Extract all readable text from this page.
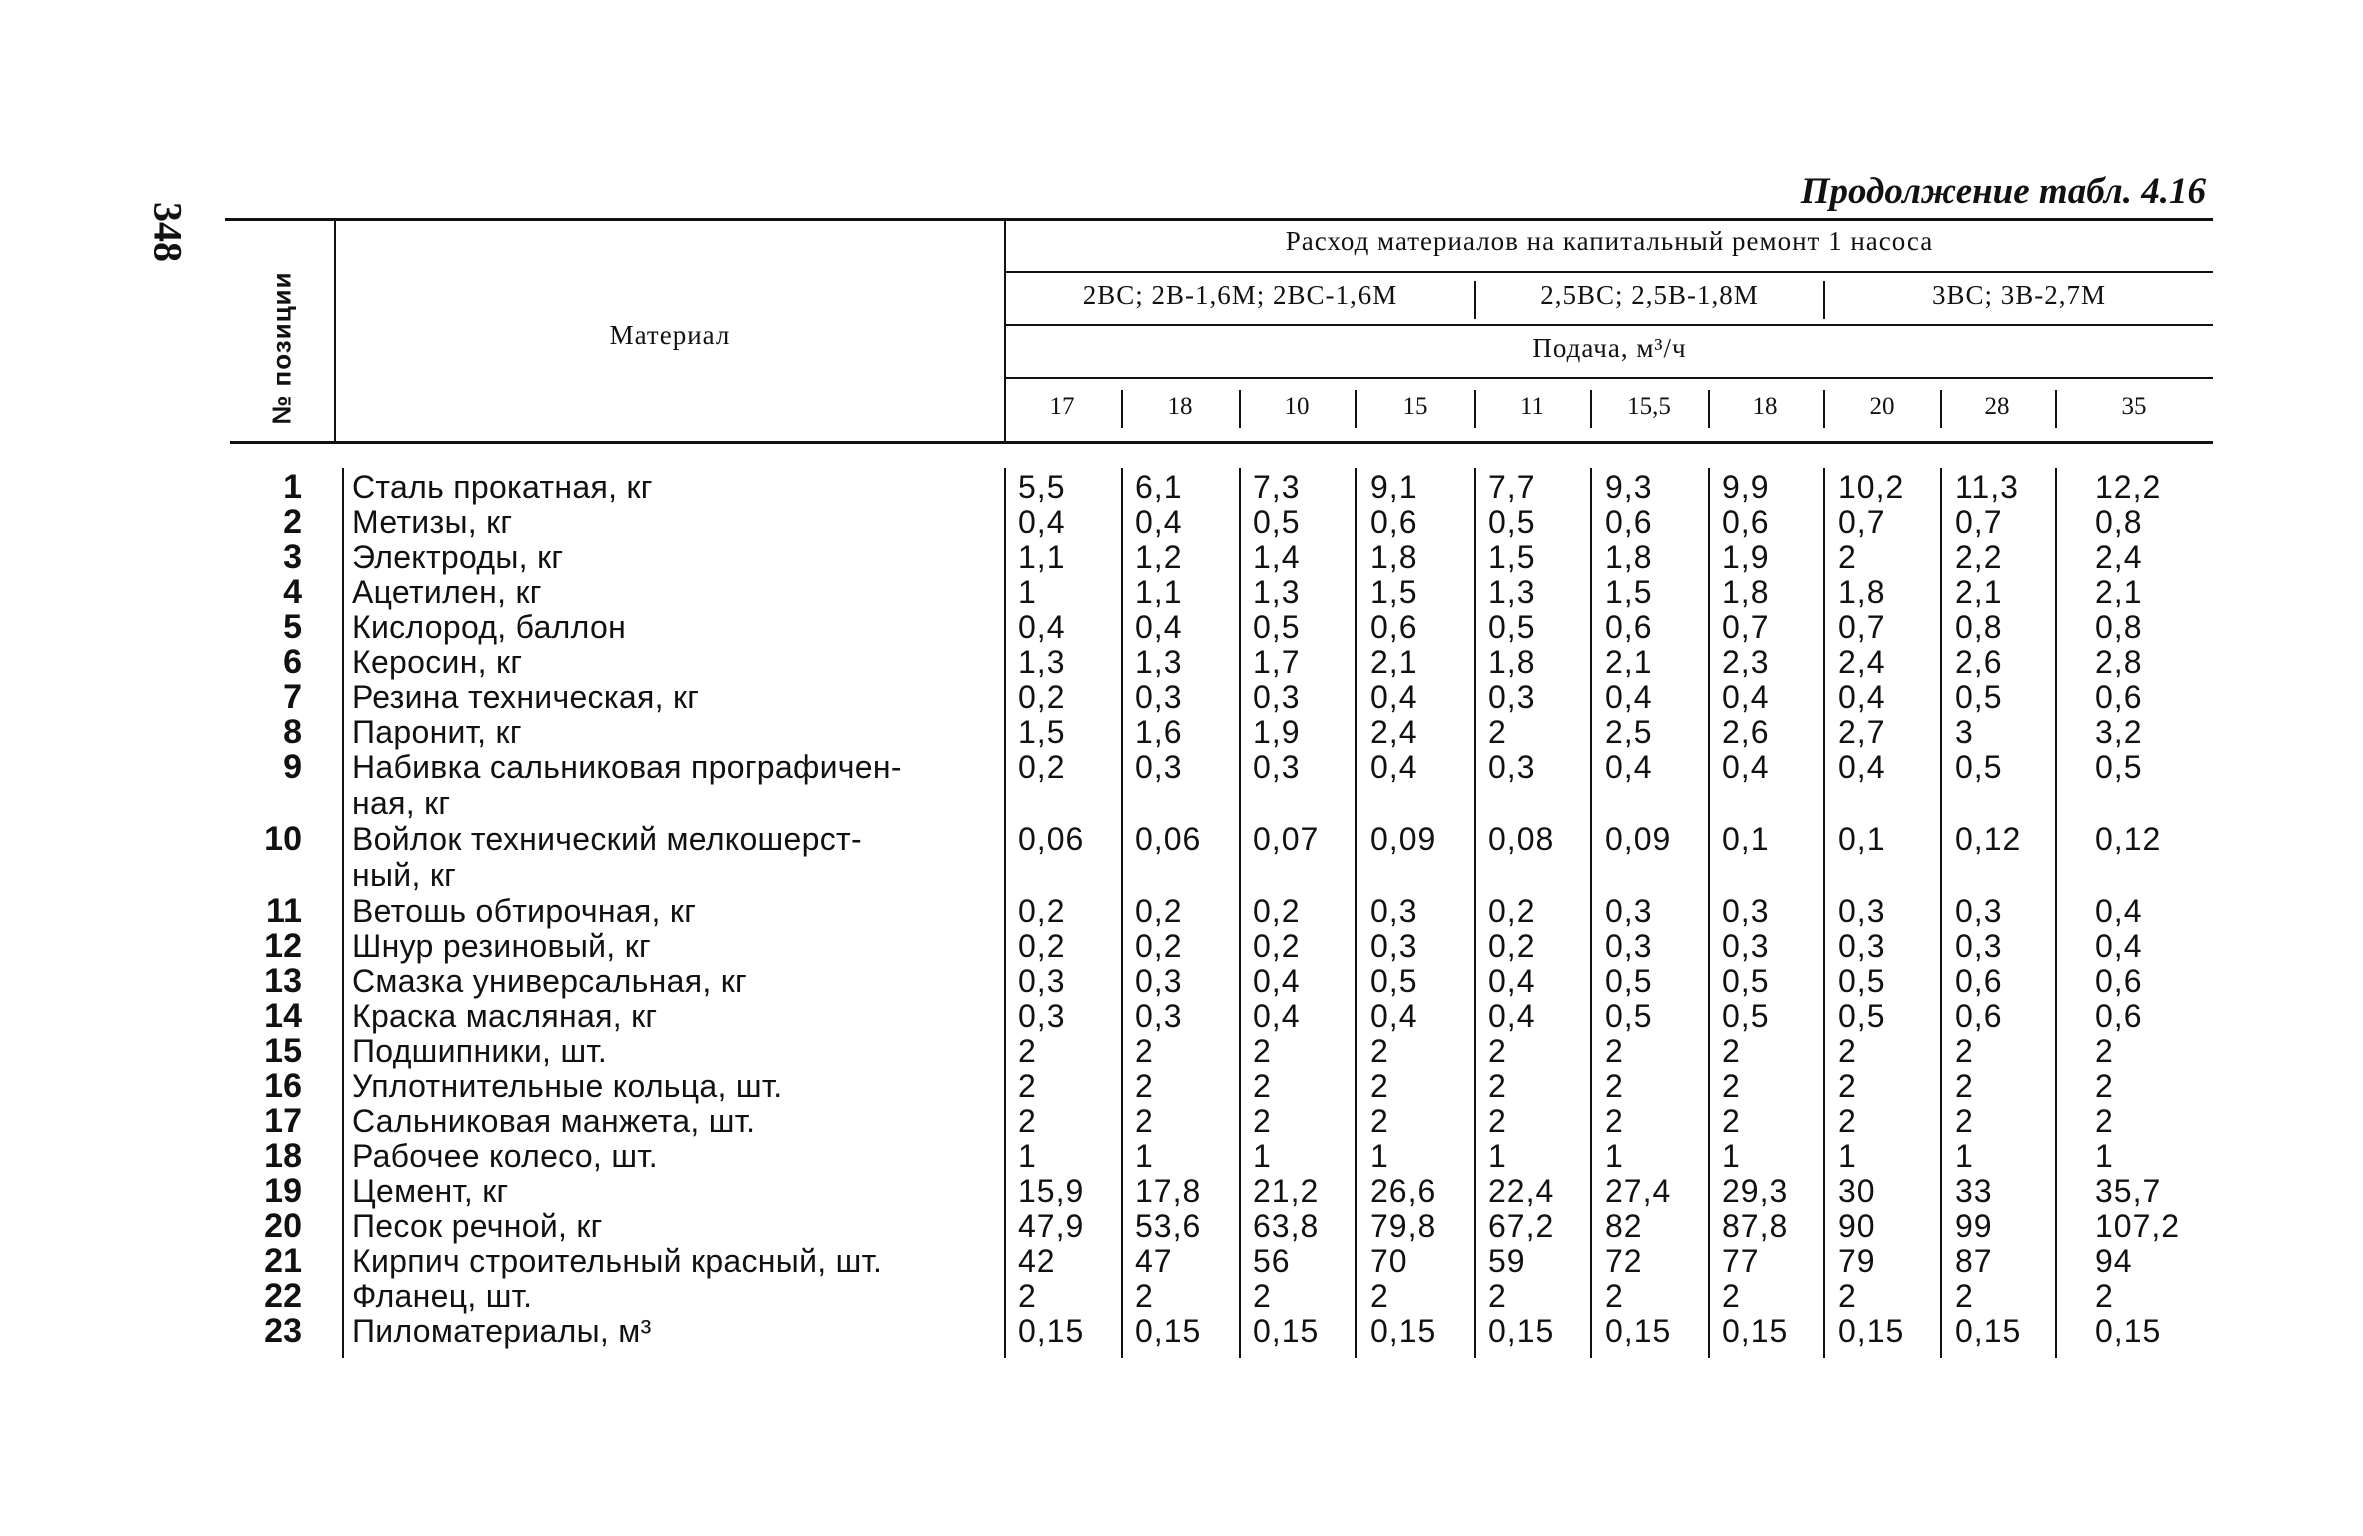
348
Продолжение табл. 4.16
№ позиции	Материал
Расход материалов на капитальный ремонт 1 насоса
2ВС; 2В-1,6М; 2ВС-1,6М	2,5ВС; 2,5В-1,8М	3ВС; 3В-2,7М
Подача, м³/ч
17	18	10	15	11	15,5	18	20	28	35
1 Сталь прокатная, кг	5,5 6,1 7,3 9,1 7,7 9,3 9,9 10,2 11,3 12,2
2 Метизы, кг	0,4 0,4 0,5 0,6 0,5 0,6 0,6 0,7 0,7	0,8
3 Электроды, кг	1,1 1,2 1,4 1,8 1,5 1,8 1,9 2	2,2	2,4
4 Ацетилен, кг	1	1,1 1,3 1,5 1,3 1,5 1,8 1,8 2,1	2,1
5 Кислород, баллон	0,4 0,4 0,5 0,6 0,5 0,6 0,7 0,7 0,8	0,8
6 Керосин, кг	1,3 1,3 1,7 2,1 1,8 2,1 2,3 2,4 2,6	2,8
7 Резина техническая, кг	0,2 0,3 0,3 0,4 0,3 0,4 0,4 0,4 0,5	0,6
8 Паронит, кг	1,5 1,6 1,9 2,4 2	2,5 2,6 2,7 3	3,2
9 Набивка сальниковая пpографичен-
ная, кг
0,2 0,3 0,3 0,4 0,3 0,4 0,4 0,4 0,5	0,5
10 Войлок технический мелкошерст-
ный, кг
0,06 0,06 0,07 0,09 0,08 0,09 0,1 0,1 0,12 0,12
11 Ветошь обтирочная, кг	0,2 0,2 0,2 0,3 0,2 0,3 0,3 0,3 0,3	0,4
12 Шнур резиновый, кг	0,2 0,2 0,2 0,3 0,2 0,3 0,3 0,3 0,3	0,4
13 Смазка универсальная, кг	0,3 0,3 0,4 0,5 0,4 0,5 0,5 0,5 0,6	0,6
14 Краска масляная, кг	0,3 0,3 0,4 0,4 0,4 0,5 0,5 0,5 0,6	0,6
15 Подшипники, шт.	2	2	2	2	2	2	2	2	2	2
16 Уплотнительные кольца, шт.	2	2	2	2	2	2	2	2	2	2
17 Сальниковая манжета, шт.	2	2	2	2	2	2	2	2	2	2
18 Рабочее колесо, шт.	1	1	1	1	1	1	1	1	1	1
19 Цемент, кг	15,9 17,8 21,2 26,6 22,4 27,4 29,3 30 33	35,7
20 Песок речной, кг	47,9 53,6 63,8 79,8 67,2 82 87,8 90 99	107,2
21 Кирпич строительный красный, шт.	42 47	56 70	59 72 77 79 87	94
22 Фланец, шт.	2	2	2	2	2	2	2	2	2	2
23 Пиломатериалы, м³	0,15 0,15 0,15 0,15 0,15 0,15 0,15 0,15 0,15 0,15
